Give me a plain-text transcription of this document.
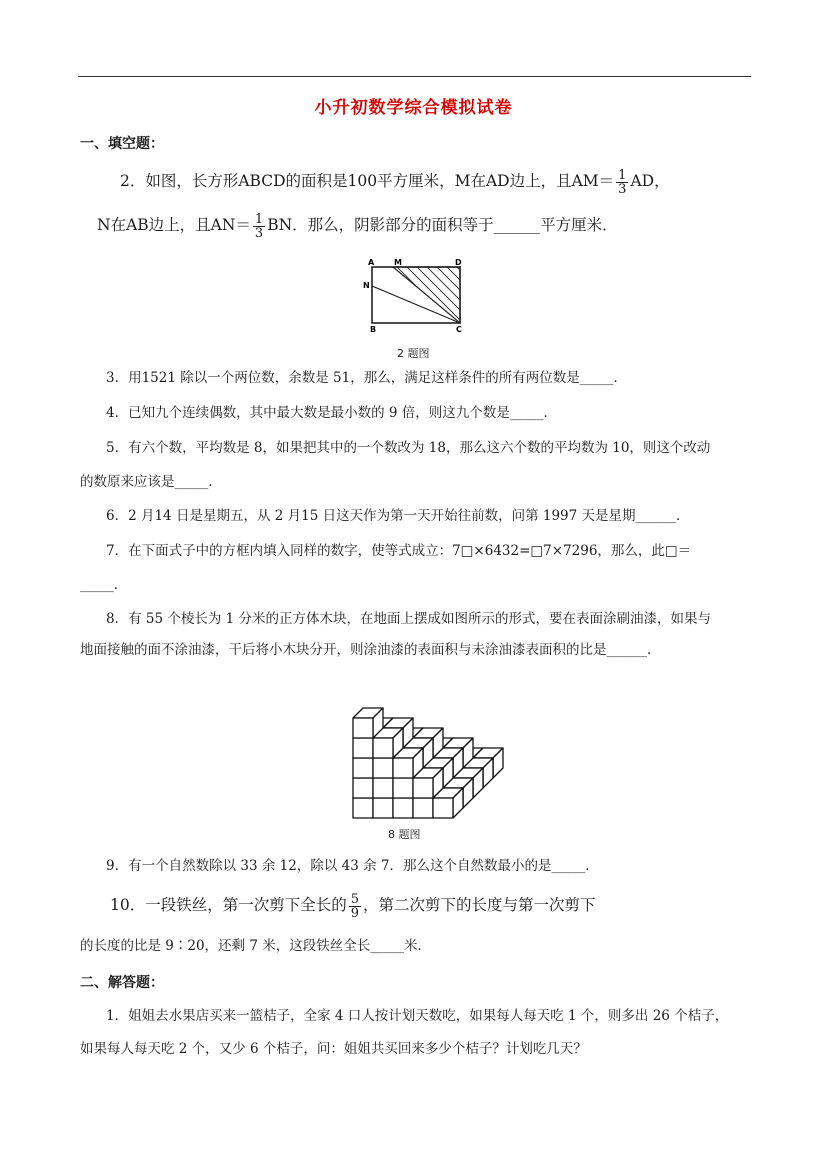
小升初数学综合模拟试卷
一、填空题：
2．如图，长方形ABCD的面积是100平方厘米，M在AD边上，且$AM= \frac{1}{3}$ AD，
N在AB边上，且$AN= \frac{1}{3}$ BN．那么，阴影部分的面积等于______平方厘米．
A M	D
N
B	C
2 题图
3．用1521 除以一个两位数，余数是 51，那么，满足这样条件的所有两位数是_____．
4．已知九个连续偶数，其中最大数是最小数的 9 倍，则这九个数是_____．
5．有六个数，平均数是 8，如果把其中的一个数改为 18，那么这六个数的平均数为 10，则这个改动
的数原来应该是_____．
6．2 月14 日是星期五，从 2 月15 日这天作为第一天开始往前数，问第 1997 天是星期______．
7．在下面式子中的方框内填入同样的数字，使等式成立：7□×6432=□7×7296，那么，此□＝
_____．
8．有 55 个棱长为 1 分米的正方体木块，在地面上摆成如图所示的形式，要在表面涂刷油漆，如果与
地面接触的面不涂油漆，干后将小木块分开，则涂油漆的表面积与未涂油漆表面积的比是______．
8 题图
9．有一个自然数除以 33 余 12，除以 43 余 7．那么这个自然数最小的是_____．
10．一段铁丝，第一次剪下全长的 $\frac{5}{9}$ ，第二次剪下的长度与第一次剪下
的长度的比是 9∶20，还剩 7 米，这段铁丝全长_____米．
二、解答题：
1．姐姐去水果店买来一篮桔子，全家 4 口人按计划天数吃，如果每人每天吃 1 个，则多出 26 个桔子，
如果每人每天吃 2 个，又少 6 个桔子，问：姐姐共买回来多少个桔子？计划吃几天？
